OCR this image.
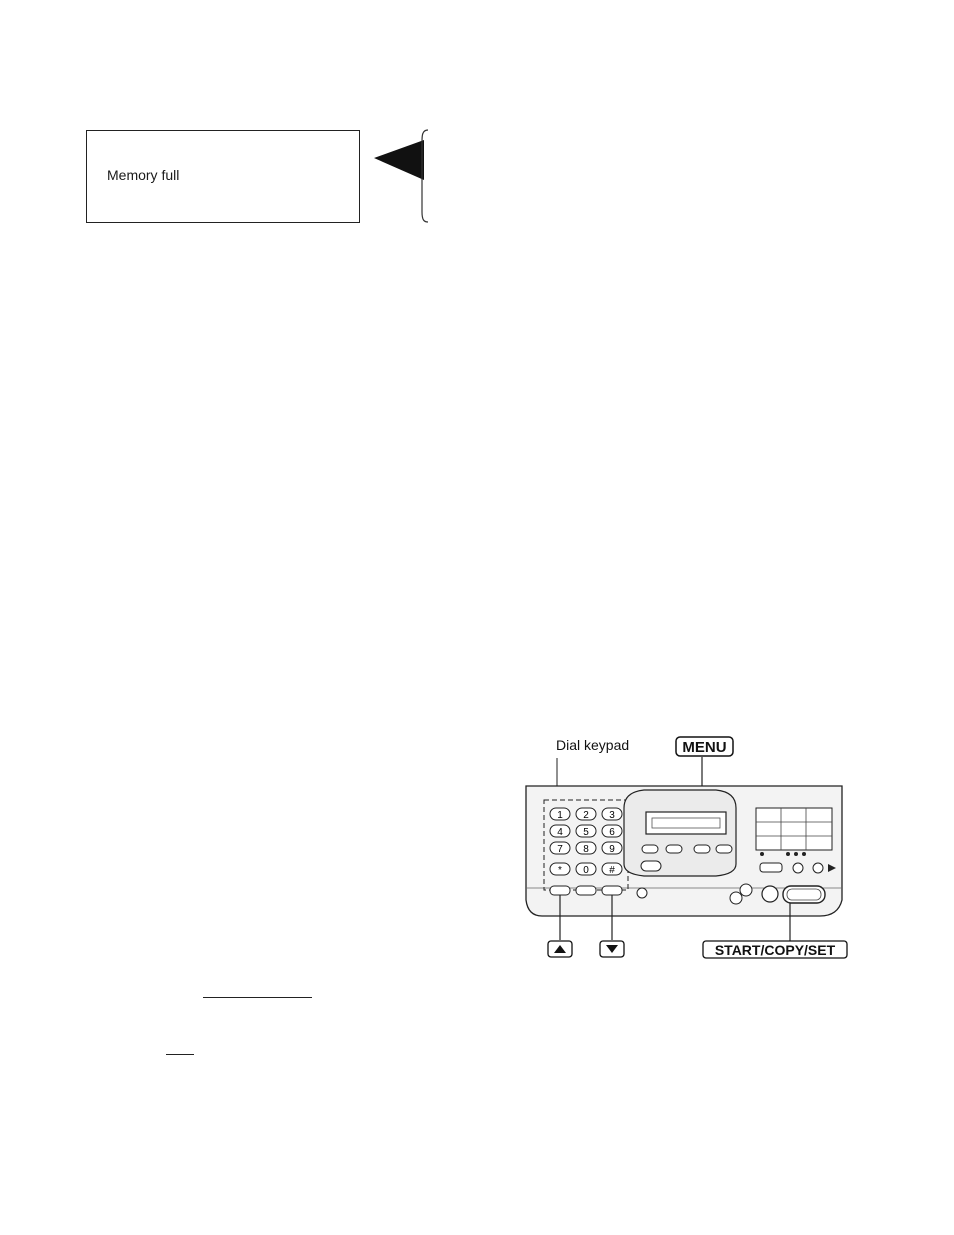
Memory full
Dial keypad	MENU
1 2 3
4 5 6
7 8 9
* 0 #
START/COPY/SET
